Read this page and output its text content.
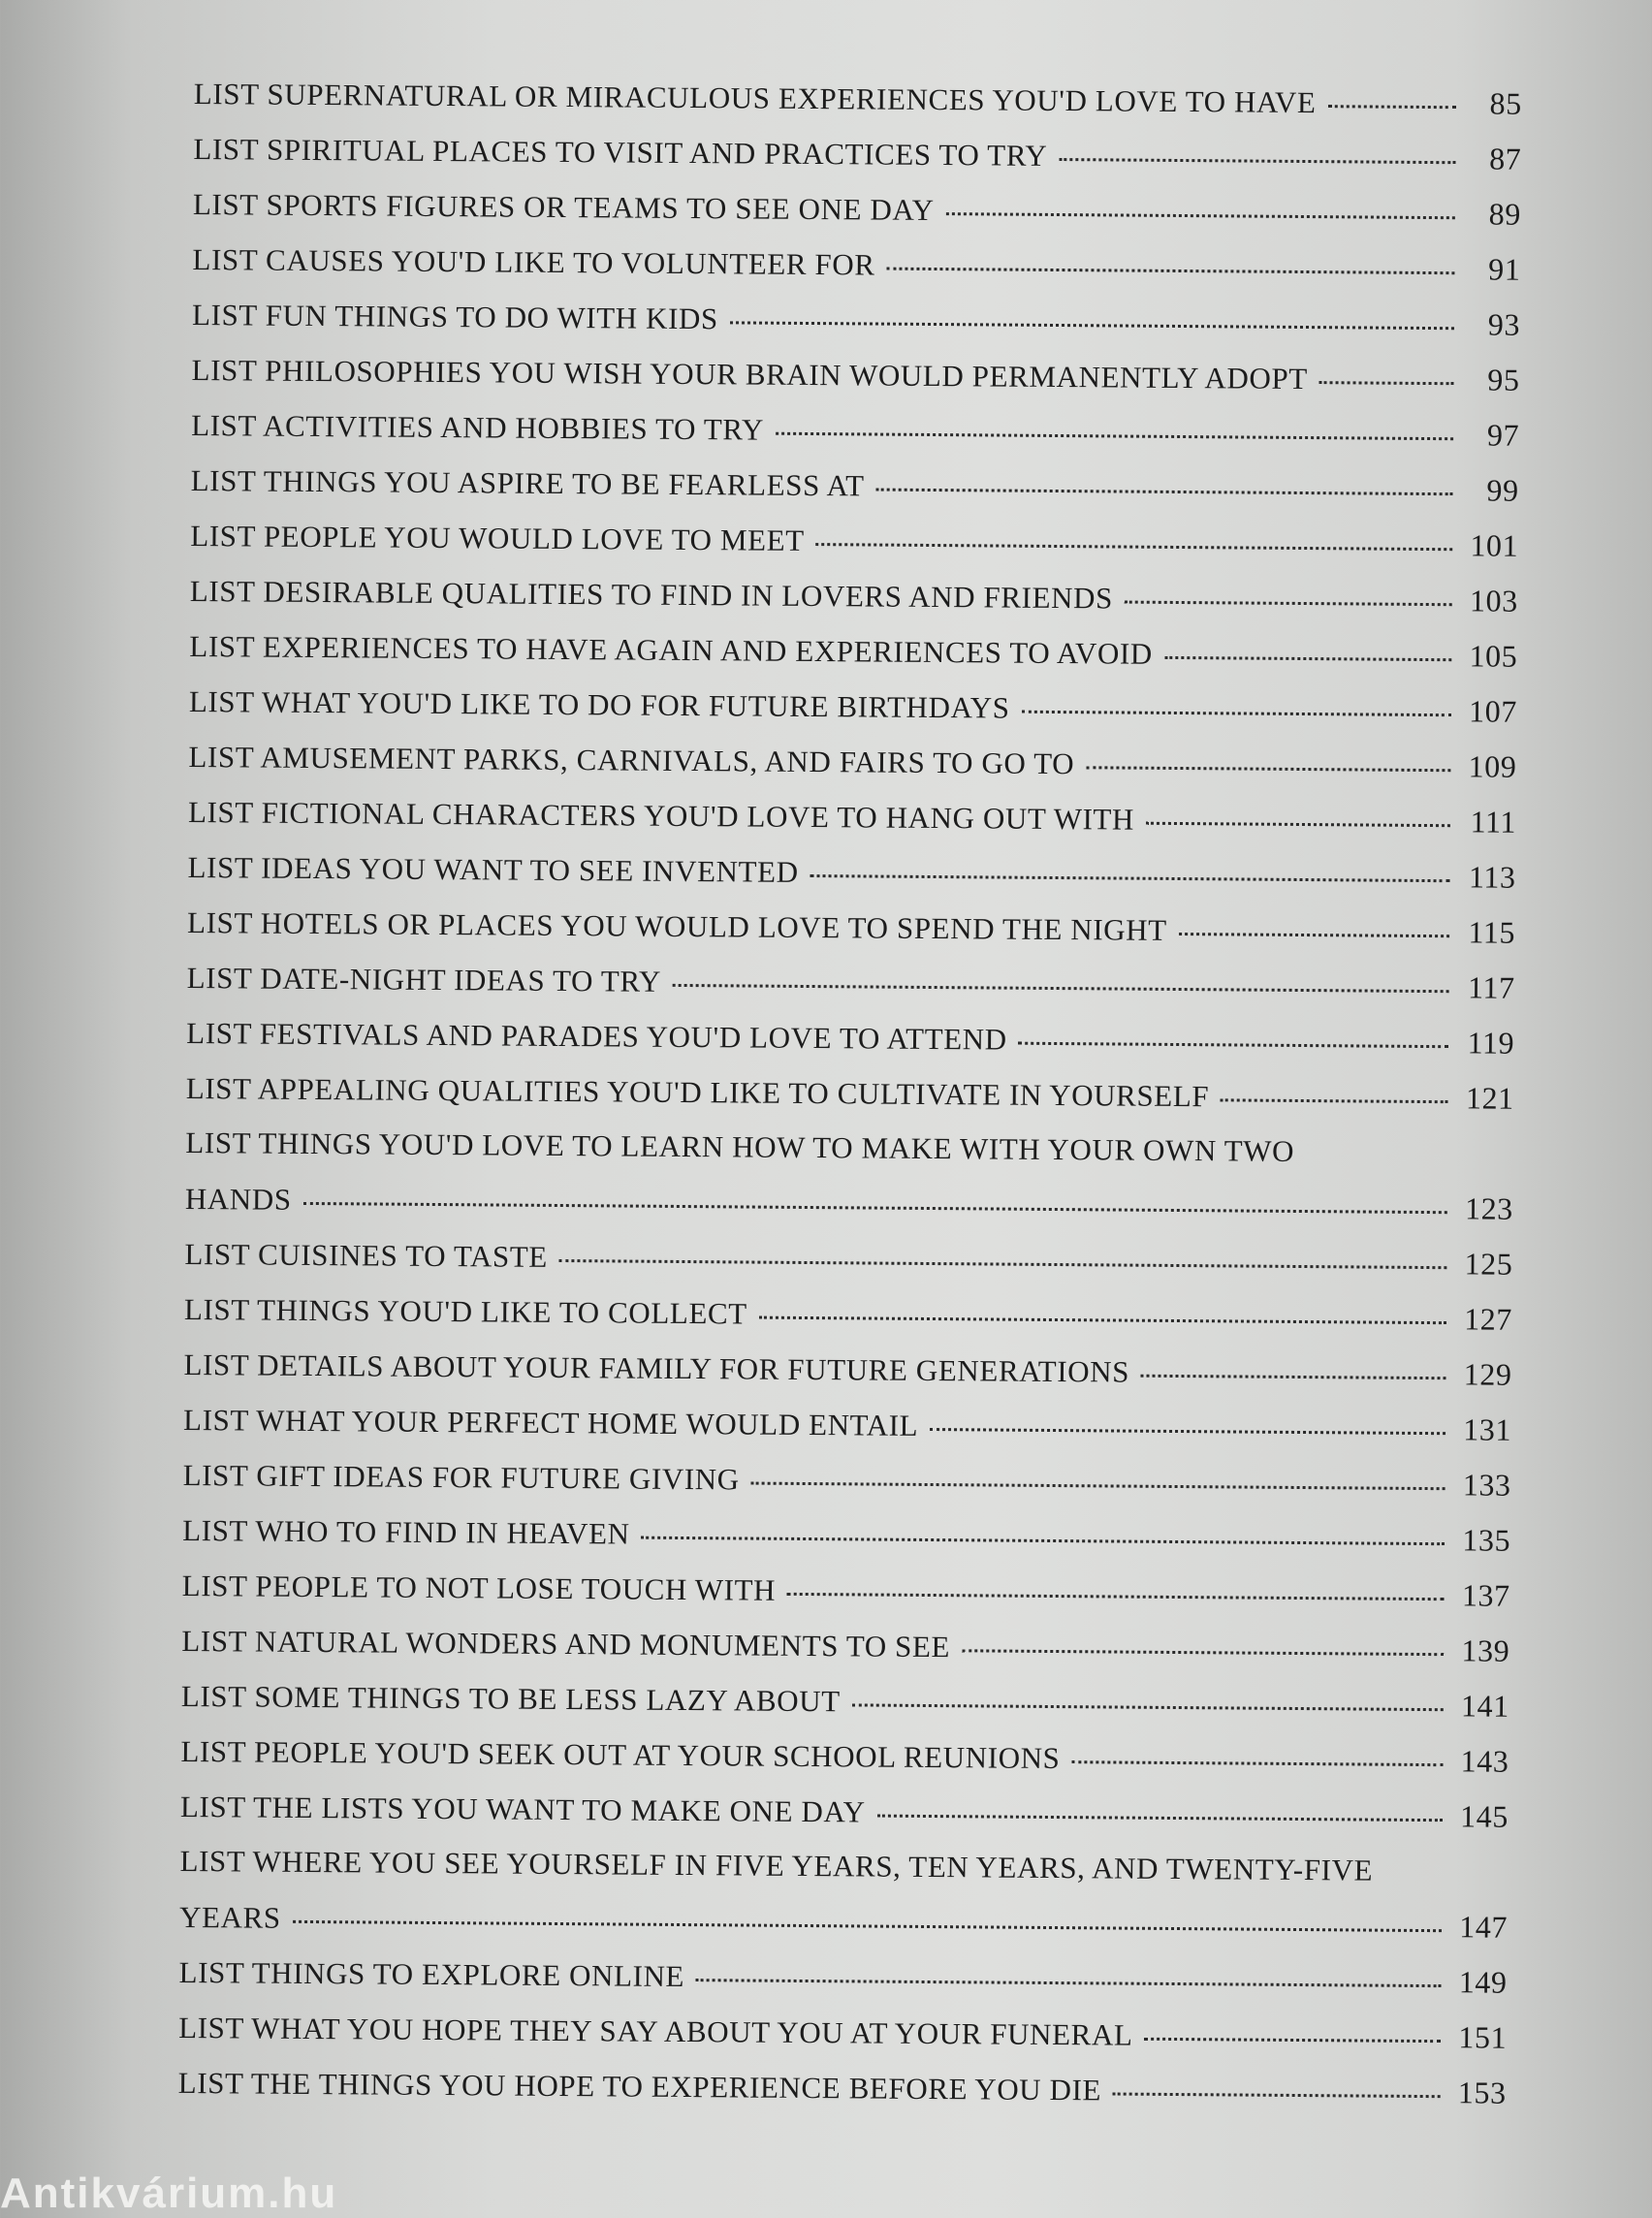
LIST SUPERNATURAL OR MIRACULOUS EXPERIENCES YOU'D LOVE TO HAVE	85
LIST SPIRITUAL PLACES TO VISIT AND PRACTICES TO TRY	87
LIST SPORTS FIGURES OR TEAMS TO SEE ONE DAY	89
LIST CAUSES YOU'D LIKE TO VOLUNTEER FOR	91
LIST FUN THINGS TO DO WITH KIDS	93
LIST PHILOSOPHIES YOU WISH YOUR BRAIN WOULD PERMANENTLY ADOPT	95
LIST ACTIVITIES AND HOBBIES TO TRY	97
LIST THINGS YOU ASPIRE TO BE FEARLESS AT	99
LIST PEOPLE YOU WOULD LOVE TO MEET	101
LIST DESIRABLE QUALITIES TO FIND IN LOVERS AND FRIENDS	103
LIST EXPERIENCES TO HAVE AGAIN AND EXPERIENCES TO AVOID	105
LIST WHAT YOU'D LIKE TO DO FOR FUTURE BIRTHDAYS	107
LIST AMUSEMENT PARKS, CARNIVALS, AND FAIRS TO GO TO	109
LIST FICTIONAL CHARACTERS YOU'D LOVE TO HANG OUT WITH	111
LIST IDEAS YOU WANT TO SEE INVENTED	113
LIST HOTELS OR PLACES YOU WOULD LOVE TO SPEND THE NIGHT	115
LIST DATE-NIGHT IDEAS TO TRY	117
LIST FESTIVALS AND PARADES YOU'D LOVE TO ATTEND	119
LIST APPEALING QUALITIES YOU'D LIKE TO CULTIVATE IN YOURSELF	121
LIST THINGS YOU'D LOVE TO LEARN HOW TO MAKE WITH YOUR OWN TWO
HANDS	123
LIST CUISINES TO TASTE	125
LIST THINGS YOU'D LIKE TO COLLECT	127
LIST DETAILS ABOUT YOUR FAMILY FOR FUTURE GENERATIONS	129
LIST WHAT YOUR PERFECT HOME WOULD ENTAIL	131
LIST GIFT IDEAS FOR FUTURE GIVING	133
LIST WHO TO FIND IN HEAVEN	135
LIST PEOPLE TO NOT LOSE TOUCH WITH	137
LIST NATURAL WONDERS AND MONUMENTS TO SEE	139
LIST SOME THINGS TO BE LESS LAZY ABOUT	141
LIST PEOPLE YOU'D SEEK OUT AT YOUR SCHOOL REUNIONS	143
LIST THE LISTS YOU WANT TO MAKE ONE DAY	145
LIST WHERE YOU SEE YOURSELF IN FIVE YEARS, TEN YEARS, AND TWENTY-FIVE
YEARS	147
LIST THINGS TO EXPLORE ONLINE	149
LIST WHAT YOU HOPE THEY SAY ABOUT YOU AT YOUR FUNERAL	151
LIST THE THINGS YOU HOPE TO EXPERIENCE BEFORE YOU DIE	153
Antikvárium.hu
